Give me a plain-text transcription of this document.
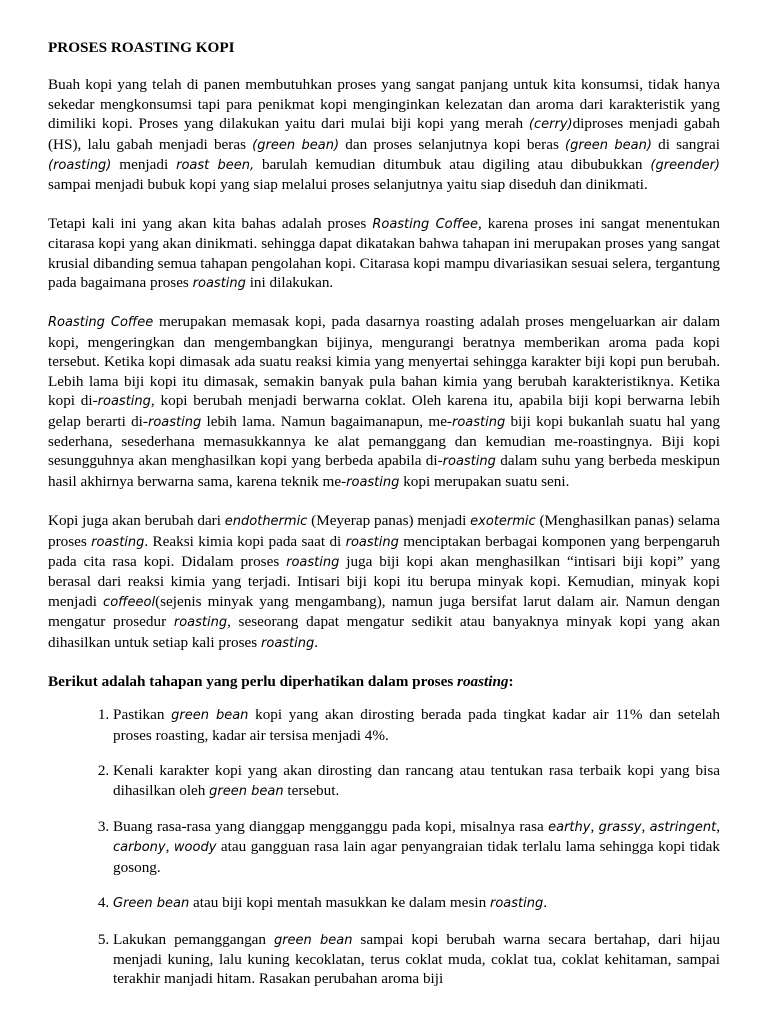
PROSES ROASTING KOPI

Buah kopi yang telah di panen membutuhkan proses yang sangat panjang untuk kita konsumsi, tidak hanya sekedar mengkonsumsi tapi para penikmat kopi menginginkan kelezatan dan aroma dari karakteristik yang dimiliki kopi. Proses yang dilakukan yaitu dari mulai biji kopi yang merah (cerry)diproses menjadi gabah (HS), lalu gabah menjadi beras (green bean) dan proses selanjutnya kopi beras (green bean) di sangrai (roasting) menjadi roast been, barulah kemudian ditumbuk atau digiling atau dibubukkan (greender) sampai menjadi bubuk kopi yang siap melalui proses selanjutnya yaitu siap diseduh dan dinikmati.

Tetapi kali ini yang akan kita bahas adalah proses Roasting Coffee, karena proses ini sangat menentukan citarasa kopi yang akan dinikmati. sehingga dapat dikatakan bahwa tahapan ini merupakan proses yang sangat krusial dibanding semua tahapan pengolahan kopi. Citarasa kopi mampu divariasikan sesuai selera, tergantung pada bagaimana proses roasting ini dilakukan.

Roasting Coffee merupakan memasak kopi, pada dasarnya roasting adalah proses mengeluarkan air dalam kopi, mengeringkan dan mengembangkan bijinya, mengurangi beratnya memberikan aroma pada kopi tersebut. Ketika kopi dimasak ada suatu reaksi kimia yang menyertai sehingga karakter biji kopi pun berubah. Lebih lama biji kopi itu dimasak, semakin banyak pula bahan kimia yang berubah karakteristiknya. Ketika kopi di-roasting, kopi berubah menjadi berwarna coklat. Oleh karena itu, apabila biji kopi berwarna lebih gelap berarti di-roasting lebih lama. Namun bagaimanapun, me-roasting biji kopi bukanlah suatu hal yang sederhana, sesederhana memasukkannya ke alat pemanggang dan kemudian me-roastingnya. Biji kopi sesungguhnya akan menghasilkan kopi yang berbeda apabila di-roasting dalam suhu yang berbeda meskipun hasil akhirnya berwarna sama, karena teknik me-roasting kopi merupakan suatu seni.

Kopi juga akan berubah dari endothermic (Meyerap panas) menjadi exotermic (Menghasilkan panas) selama proses roasting. Reaksi kimia kopi pada saat di roasting menciptakan berbagai komponen yang berpengaruh pada cita rasa kopi. Didalam proses roasting juga biji kopi akan menghasilkan “intisari biji kopi” yang berasal dari reaksi kimia yang terjadi. Intisari biji kopi itu berupa minyak kopi. Kemudian, minyak kopi menjadi coffeeol(sejenis minyak yang mengambang), namun juga bersifat larut dalam air. Namun dengan mengatur prosedur roasting, seseorang dapat mengatur sedikit atau banyaknya minyak kopi yang akan dihasilkan untuk setiap kali proses roasting.

Berikut adalah tahapan yang perlu diperhatikan dalam proses roasting:
1. Pastikan green bean kopi yang akan dirosting berada pada tingkat kadar air 11% dan setelah proses roasting, kadar air tersisa menjadi 4%.
2. Kenali karakter kopi yang akan dirosting dan rancang atau tentukan rasa terbaik kopi yang bisa dihasilkan oleh green bean tersebut.
3. Buang rasa-rasa yang dianggap mengganggu pada kopi, misalnya rasa earthy, grassy, astringent, carbony, woody atau gangguan rasa lain agar penyangraian tidak terlalu lama sehingga kopi tidak gosong.
4. Green bean atau biji kopi mentah masukkan ke dalam mesin roasting.
5. Lakukan pemanggangan green bean sampai kopi berubah warna secara bertahap, dari hijau menjadi kuning, lalu kuning kecoklatan, terus coklat muda, coklat tua, coklat kehitaman, sampai terakhir manjadi hitam. Rasakan perubahan aroma biji
